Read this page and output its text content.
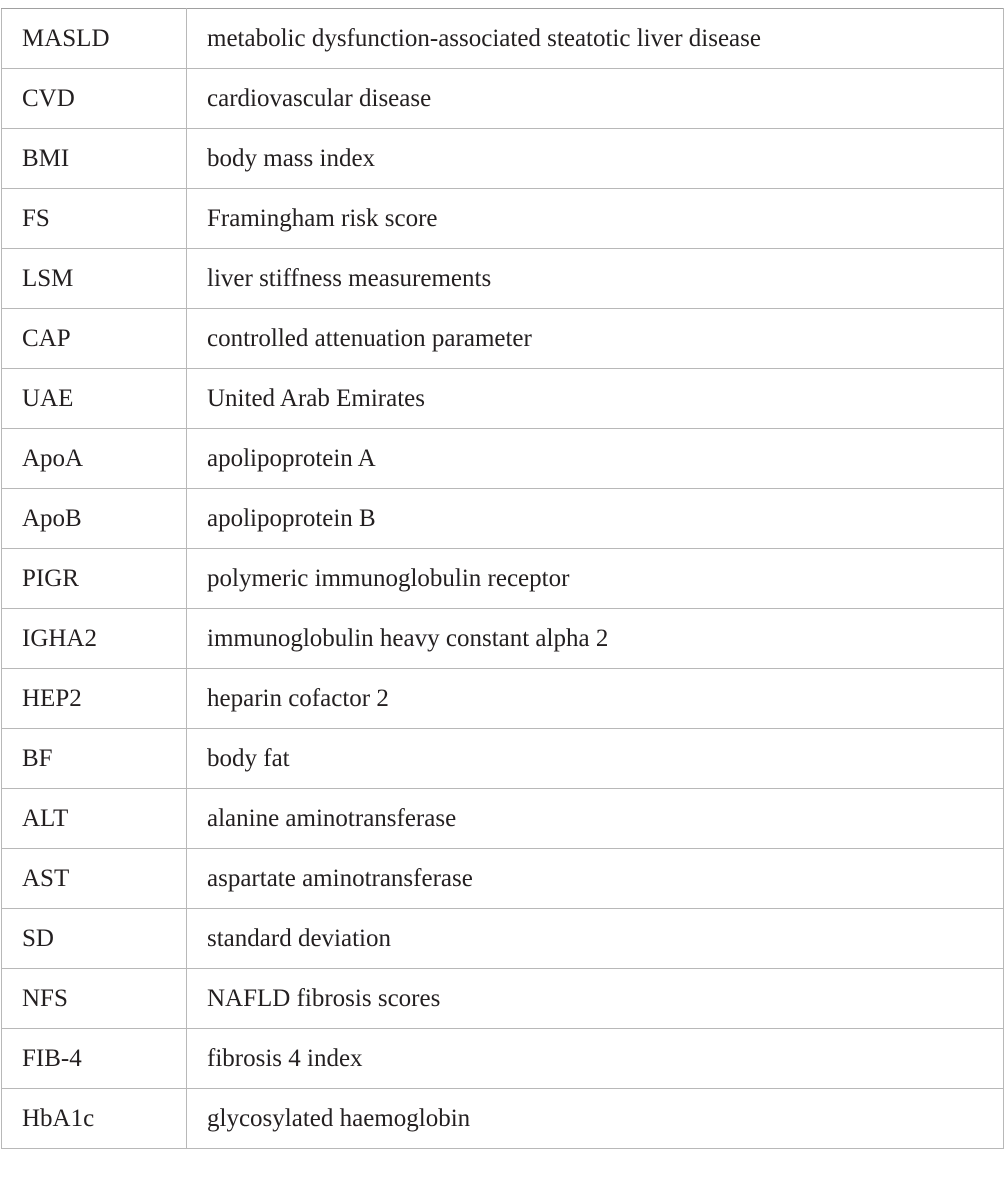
MASLD	metabolic dysfunction-associated steatotic liver disease
CVD	cardiovascular disease
BMI	body mass index
FS	Framingham risk score
LSM	liver stiffness measurements
CAP	controlled attenuation parameter
UAE	United Arab Emirates
ApoA	apolipoprotein A
ApoB	apolipoprotein B
PIGR	polymeric immunoglobulin receptor
IGHA2	immunoglobulin heavy constant alpha 2
HEP2	heparin cofactor 2
BF	body fat
ALT	alanine aminotransferase
AST	aspartate aminotransferase
SD	standard deviation
NFS	NAFLD fibrosis scores
FIB-4	fibrosis 4 index
HbA1c	glycosylated haemoglobin
